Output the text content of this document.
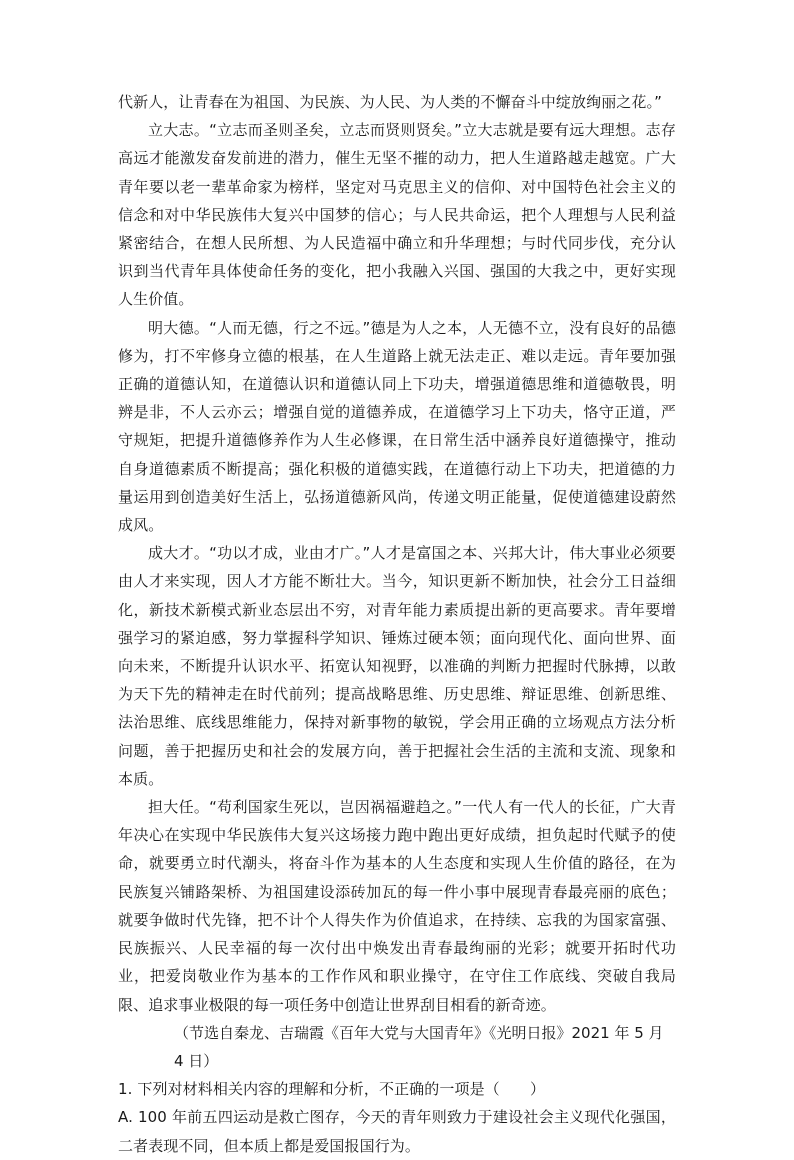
代新人，让青春在为祖国、为民族、为人民、为人类的不懈奋斗中绽放绚丽之花。”

立大志。“立志而圣则圣矣，立志而贤则贤矣。”立大志就是要有远大理想。志存高远才能激发奋发前进的潜力，催生无坚不摧的动力，把人生道路越走越宽。广大青年要以老一辈革命家为榜样，坚定对马克思主义的信仰、对中国特色社会主义的信念和对中华民族伟大复兴中国梦的信心；与人民共命运，把个人理想与人民利益紧密结合，在想人民所想、为人民造福中确立和升华理想；与时代同步伐，充分认识到当代青年具体使命任务的变化，把小我融入兴国、强国的大我之中，更好实现人生价值。

明大德。“人而无德，行之不远。”德是为人之本，人无德不立，没有良好的品德修为，打不牢修身立德的根基，在人生道路上就无法走正、难以走远。青年要加强正确的道德认知，在道德认识和道德认同上下功夫，增强道德思维和道德敬畏，明辨是非，不人云亦云；增强自觉的道德养成，在道德学习上下功夫，恪守正道，严守规矩，把提升道德修养作为人生必修课，在日常生活中涵养良好道德操守，推动自身道德素质不断提高；强化积极的道德实践，在道德行动上下功夫，把道德的力量运用到创造美好生活上，弘扬道德新风尚，传递文明正能量，促使道德建设蔚然成风。

成大才。“功以才成，业由才广。”人才是富国之本、兴邦大计，伟大事业必须要由人才来实现，因人才方能不断壮大。当今，知识更新不断加快，社会分工日益细化，新技术新模式新业态层出不穷，对青年能力素质提出新的更高要求。青年要增强学习的紧迫感，努力掌握科学知识、锤炼过硬本领；面向现代化、面向世界、面向未来，不断提升认识水平、拓宽认知视野，以准确的判断力把握时代脉搏，以敢为天下先的精神走在时代前列；提高战略思维、历史思维、辩证思维、创新思维、法治思维、底线思维能力，保持对新事物的敏锐，学会用正确的立场观点方法分析问题，善于把握历史和社会的发展方向，善于把握社会生活的主流和支流、现象和本质。

担大任。“苟利国家生死以，岂因祸福避趋之。”一代人有一代人的长征，广大青年决心在实现中华民族伟大复兴这场接力跑中跑出更好成绩，担负起时代赋予的使命，就要勇立时代潮头，将奋斗作为基本的人生态度和实现人生价值的路径，在为民族复兴铺路架桥、为祖国建设添砖加瓦的每一件小事中展现青春最亮丽的底色；就要争做时代先锋，把不计个人得失作为价值追求，在持续、忘我的为国家富强、民族振兴、人民幸福的每一次付出中焕发出青春最绚丽的光彩；就要开拓时代功业，把爱岗敬业作为基本的工作作风和职业操守，在守住工作底线、突破自我局限、追求事业极限的每一项任务中创造让世界刮目相看的新奇迹。

（节选自秦龙、吉瑞霞《百年大党与大国青年》《光明日报》2021 年 5 月 4 日）

1. 下列对材料相关内容的理解和分析，不正确的一项是（　　）

A. 100 年前五四运动是救亡图存，今天的青年则致力于建设社会主义现代化强国，二者表现不同，但本质上都是爱国报国行为。
